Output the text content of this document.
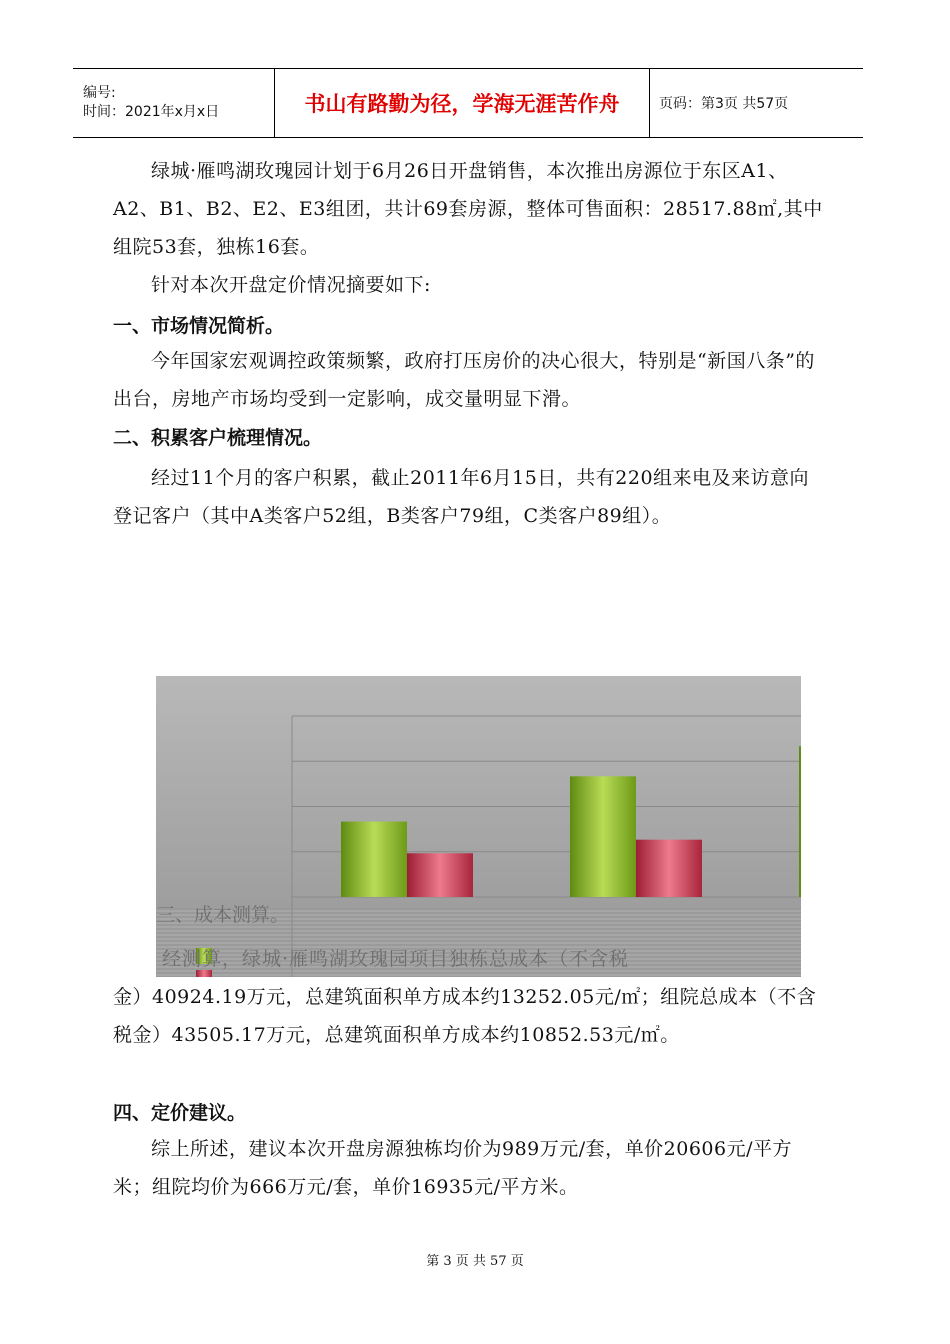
编号:
时间：2021年x月x日	书山有路勤为径，学海无涯苦作舟	页码：第3页 共57页
绿城·雁鸣湖玫瑰园计划于6月26日开盘销售，本次推出房源位于东区A1、A2、B1、B2、E2、E3组团，共计69套房源，整体可售面积：28517.88㎡,其中组院53套，独栋16套。
针对本次开盘定价情况摘要如下:
一、市场情况简析。
今年国家宏观调控政策频繁，政府打压房价的决心很大，特别是“新国八条”的出台，房地产市场均受到一定影响，成交量明显下滑。
二、积累客户梳理情况。
经过11个月的客户积累，截止2011年6月15日，共有220组来电及来访意向登记客户（其中A类客户52组，B类客户79组，C类客户89组）。
三、成本测算。
经测算，绿城·雁鸣湖玫瑰园项目独栋总成本（不含税
三、
金）40924.19万元，总建筑面积单方成本约13252.05元/㎡；组院总成本（不含税金）43505.17万元，总建筑面积单方成本约10852.53元/㎡。
四、定价建议。
综上所述，建议本次开盘房源独栋均价为989万元/套，单价20606元/平方米；组院均价为666万元/套，单价16935元/平方米。
第 3 页 共 57 页
